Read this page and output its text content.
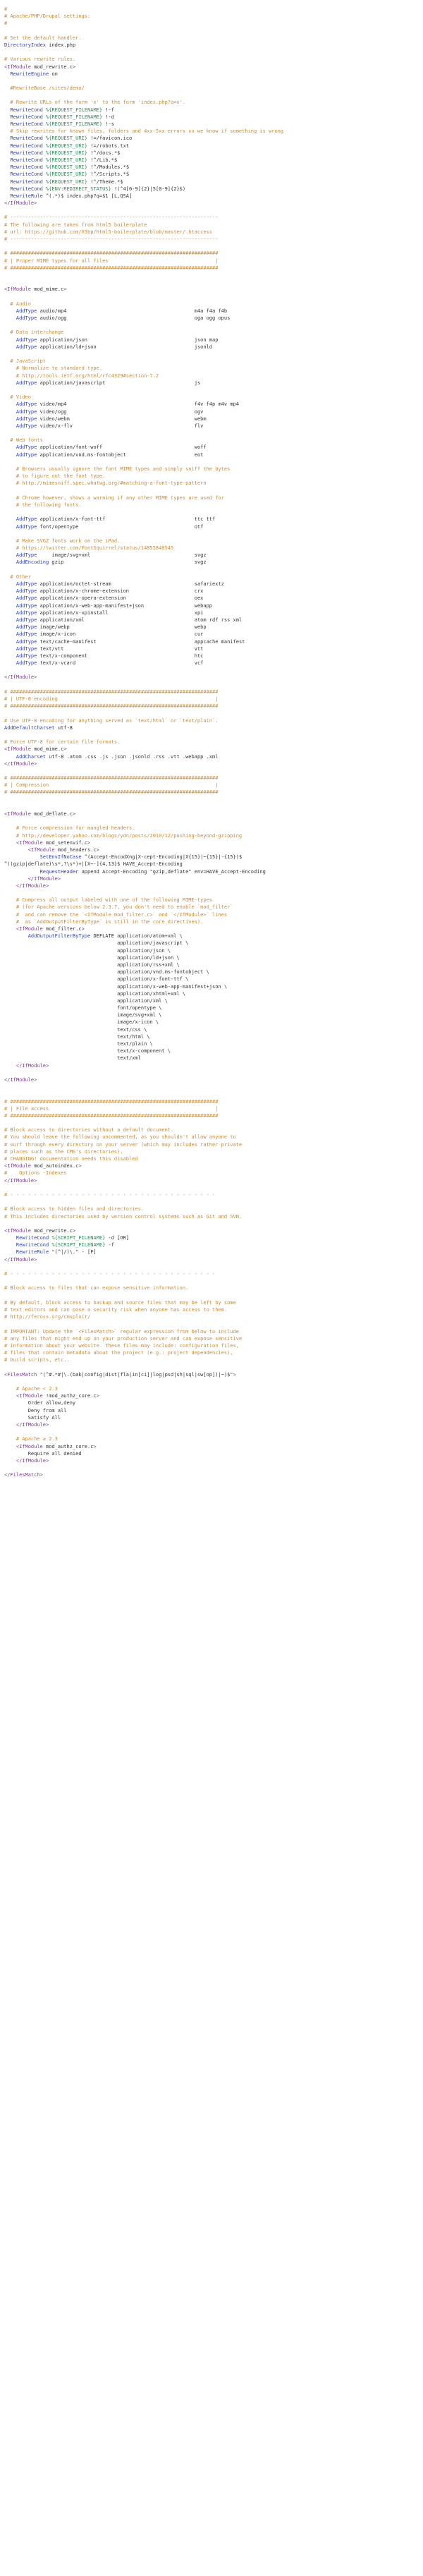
#
# Apache/PHP/Drupal settings:
#
# Set the default handler.
DirectoryIndex index.php
# Various rewrite rules.
<IfModule mod_rewrite.c>
RewriteEngine on
#RewriteBase /sites/demo/
# Rewrite URLs of the form 'x' to the form 'index.php?q=x'.
RewriteCond %{REQUEST_FILENAME} !-f
RewriteCond %{REQUEST_FILENAME} !-d
RewriteCond %{REQUEST_FILENAME} !-s
# Skip rewrites for known files, folders and 4xx-5xx errors so we know if something is wrong
RewriteCond %{REQUEST_URI} !=/favicon.ico
RewriteCond %{REQUEST_URI} !=/robots.txt
RewriteCond %{REQUEST_URI} !^/docs.*$
RewriteCond %{REQUEST_URI} !^/Lib.*$
RewriteCond %{REQUEST_URI} !^/Modules.*$
RewriteCond %{REQUEST_URI} !^/Scripts.*$
RewriteCond %{REQUEST_URI} !^/Theme.*$
RewriteCond %{ENV:REDIRECT_STATUS} !(^4[0-9]{2}|5[0-9]{2}$)
RewriteRule ^(.*)$ index.php?q=$1 [L,QSA]
</IfModule>
# ----------------------------------------------------------------------
# The following are taken from html5 boilerplate
# url: https://github.com/h5bp/html5-boilerplate/blob/master/.htaccess
# ----------------------------------------------------------------------
# ######################################################################
# | Proper MIME types for all files                                    |
# ######################################################################
<IfModule mod_mime.c>
# Audio
AddType audio/mp4                                           m4a f4a f4b
AddType audio/ogg                                           oga ogg opus
# Data interchange
AddType application/json                                    json map
AddType application/ld+json                                 jsonld
# JavaScript
# Normalize to standard type.
# http://tools.ietf.org/html/rfc4329#section-7.2
AddType application/javascript                              js
# Video
AddType video/mp4                                           f4v f4p m4v mp4
AddType video/ogg                                           ogv
AddType video/webm                                          webm
AddType video/x-flv                                         flv
# Web fonts
AddType application/font-woff                               woff
AddType application/vnd.ms-fontobject                       eot
# Browsers usually ignore the font MIME types and simply sniff the bytes
# to figure out the font type.
# http://mimesniff.spec.whatwg.org/#matching-a-font-type-pattern
# Chrome however, shows a warning if any other MIME types are used for
# the following fonts.
AddType application/x-font-ttf                              ttc ttf
AddType font/opentype                                       otf
# Make SVGZ fonts work on the iPad.
# https://twitter.com/FontSquirrel/status/14855840545
AddType     image/svg+xml                                   svgz
AddEncoding gzip                                            svgz
# Other
AddType application/octet-stream                            safariextz
AddType application/x-chrome-extension                      crx
AddType application/x-opera-extension                       oex
AddType application/x-web-app-manifest+json                 webapp
AddType application/x-xpinstall                             xpi
AddType application/xml                                     atom rdf rss xml
AddType image/webp                                          webp
AddType image/x-icon                                        cur
AddType text/cache-manifest                                 appcache manifest
AddType text/vtt                                            vtt
AddType text/x-component                                    htc
AddType text/x-vcard                                        vcf
</IfModule>
# ######################################################################
# | UTF-8 encoding                                                     |
# ######################################################################
# Use UTF-8 encoding for anything served as `text/html` or `text/plain`.
AddDefaultCharset utf-8
# Force UTF-8 for certain file formats.
<IfModule mod_mime.c>
AddCharset utf-8 .atom .css .js .json .jsonld .rss .vtt .webapp .xml
</IfModule>
# ######################################################################
# | Compression                                                        |
# ######################################################################
<IfModule mod_deflate.c>
# Force compression for mangled headers.
# http://developer.yahoo.com/blogs/ydn/posts/2010/12/pushing-beyond-gzipping
<IfModule mod_setenvif.c>
<IfModule mod_headers.c>
SetEnvIfNoCase ^(Accept-EncodXng|X-cept-Encoding|X{15}|~{15}|-{15})$
^((gzip|deflate)\s*,?\s*)+|[X~-]{4,13}$ HAVE_Accept-Encoding
RequestHeader append Accept-Encoding "gzip,deflate" env=HAVE_Accept-Encoding
</IfModule>
</IfModule>
# Compress all output labeled with one of the following MIME-types
# (for Apache versions below 2.3.7, you don't need to enable `mod_filter`
#  and can remove the `<IfModule mod_filter.c>` and `</IfModule>` lines
#  as `AddOutputFilterByType` is still in the core directives).
<IfModule mod_filter.c>
AddOutputFilterByType DEFLATE application/atom+xml \
application/javascript \
application/json \
application/ld+json \
application/rss+xml \
application/vnd.ms-fontobject \
application/x-font-ttf \
application/x-web-app-manifest+json \
application/xhtml+xml \
application/xml \
font/opentype \
image/svg+xml \
image/x-icon \
text/css \
text/html \
text/plain \
text/x-component \
text/xml
</IfModule>
</IfModule>
# ######################################################################
# | File access                                                        |
# ######################################################################
# Block access to directories without a default document.
# You should leave the following uncommented, as you shouldn't allow anyone to
# surf through every directory on your server (which may includes rather private
# places such as the CMS's directories).
# CHANGING! documentation needs this disabled
<IfModule mod_autoindex.c>
#    Options -Indexes
</IfModule>
# - - - - - - - - - - - - - - - - - - - - - - - - - - - - - - - - - - -
# Block access to hidden files and directories.
# This includes directories used by version control systems such as Git and SVN.
<IfModule mod_rewrite.c>
RewriteCond %{SCRIPT_FILENAME} -d [OR]
RewriteCond %{SCRIPT_FILENAME} -f
RewriteRule "(^|/)\." - [F]
</IfModule>
# - - - - - - - - - - - - - - - - - - - - - - - - - - - - - - - - - - -
# Block access to files that can expose sensitive information.
# By default, block access to backup and source files that may be left by some
# text editors and can pose a security risk when anyone has access to them.
# http://feross.org/cmsploit/
# IMPORTANT: Update the `<FilesMatch>` regular expression from below to include
# any files that might end up on your production server and can expose sensitive
# information about your website. These files may include: configuration files,
# files that contain metadata about the project (e.g.: project dependencies),
# build scripts, etc..
<FilesMatch "(^#.*#|\.(bak|config|dist|fla|in[ci]|log|psd|sh|sql|sw[op])|~)$">
# Apache < 2.3
<IfModule !mod_authz_core.c>
Order allow,deny
Deny from all
Satisfy All
</IfModule>
# Apache ≥ 2.3
<IfModule mod_authz_core.c>
Require all denied
</IfModule>
</FilesMatch>
